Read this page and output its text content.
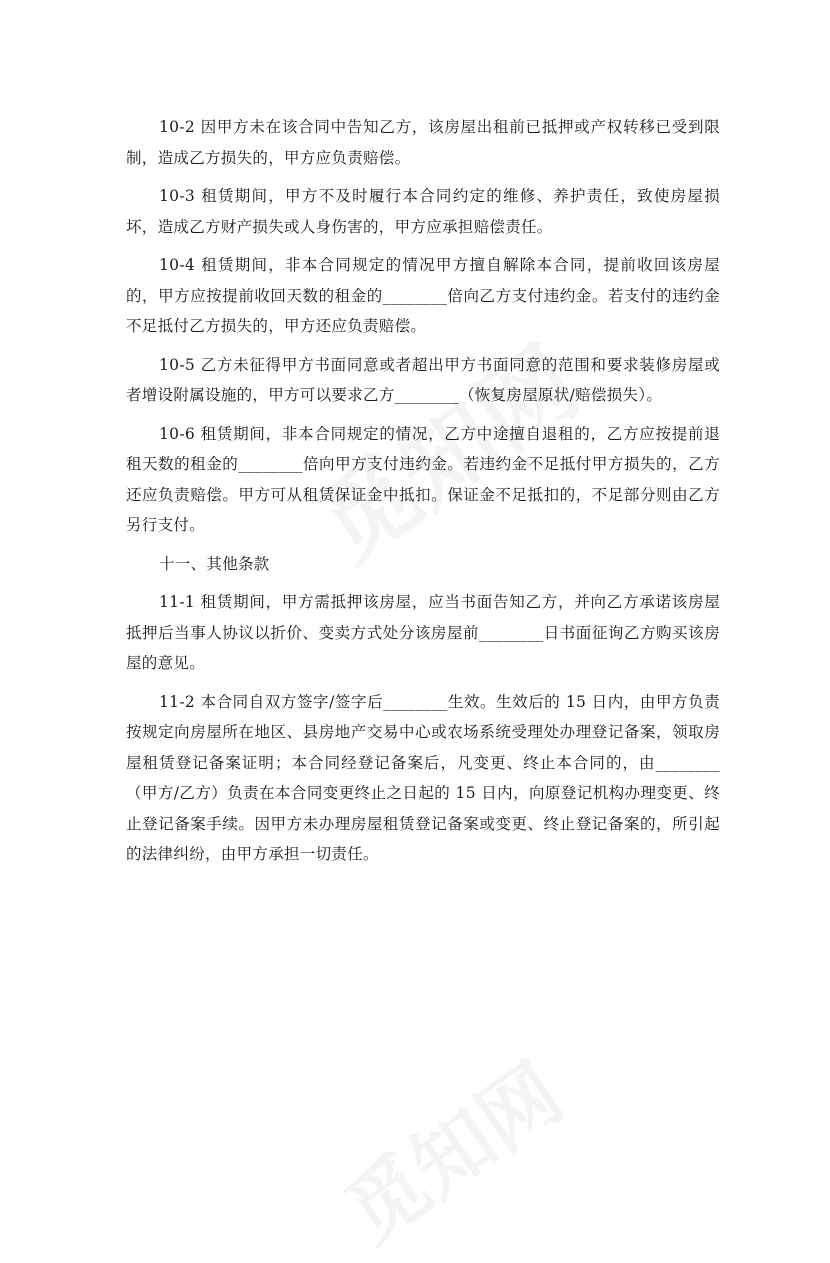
10-2 因甲方未在该合同中告知乙方，该房屋出租前已抵押或产权转移已受到限制，造成乙方损失的，甲方应负责赔偿。

10-3 租赁期间，甲方不及时履行本合同约定的维修、养护责任，致使房屋损坏，造成乙方财产损失或人身伤害的，甲方应承担赔偿责任。

10-4 租赁期间，非本合同规定的情况甲方擅自解除本合同，提前收回该房屋的，甲方应按提前收回天数的租金的________倍向乙方支付违约金。若支付的违约金不足抵付乙方损失的，甲方还应负责赔偿。

10-5 乙方未征得甲方书面同意或者超出甲方书面同意的范围和要求装修房屋或者增设附属设施的，甲方可以要求乙方________（恢复房屋原状/赔偿损失）。

10-6 租赁期间，非本合同规定的情况，乙方中途擅自退租的，乙方应按提前退租天数的租金的________倍向甲方支付违约金。若违约金不足抵付甲方损失的，乙方还应负责赔偿。甲方可从租赁保证金中抵扣。保证金不足抵扣的，不足部分则由乙方另行支付。

十一、其他条款

11-1 租赁期间，甲方需抵押该房屋，应当书面告知乙方，并向乙方承诺该房屋抵押后当事人协议以折价、变卖方式处分该房屋前________日书面征询乙方购买该房屋的意见。

11-2 本合同自双方签字/签字后________生效。生效后的 15 日内，由甲方负责按规定向房屋所在地区、县房地产交易中心或农场系统受理处办理登记备案，领取房屋租赁登记备案证明；本合同经登记备案后，凡变更、终止本合同的，由________（甲方/乙方）负责在本合同变更终止之日起的 15 日内，向原登记机构办理变更、终止登记备案手续。因甲方未办理房屋租赁登记备案或变更、终止登记备案的，所引起的法律纠纷，由甲方承担一切责任。
